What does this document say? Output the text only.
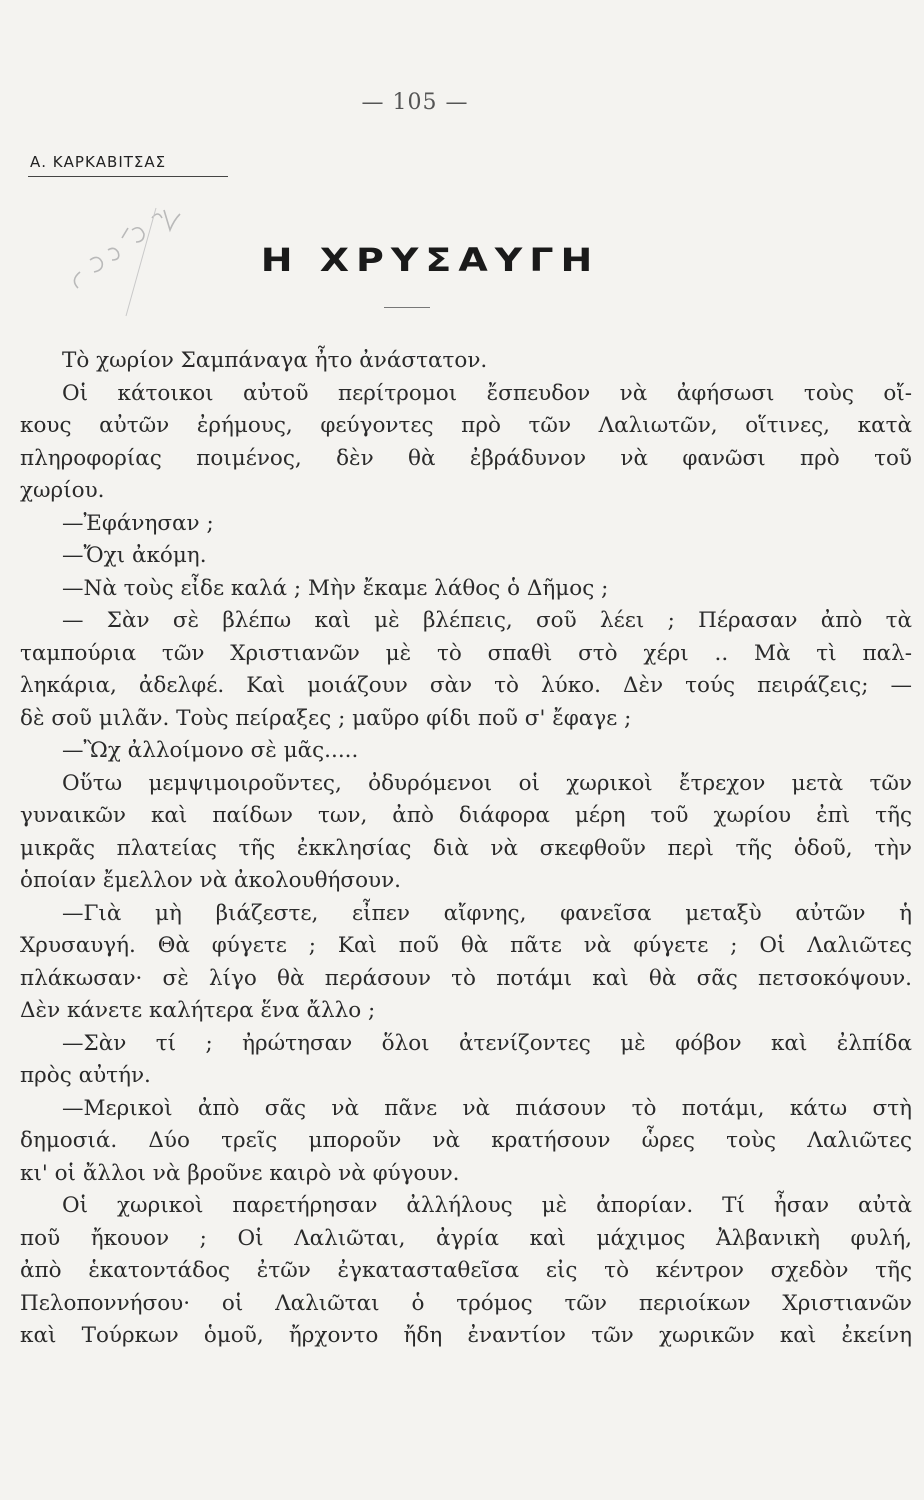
— 105 —
Α. ΚΑΡΚΑΒΙΤΣΑΣ
Η ΧΡΥΣΑΥΓΗ
Τὸ χωρίον Σαμπάναγα ἦτο ἀνάστατον.
Οἱ κάτοικοι αὐτοῦ περίτρομοι ἔσπευδον νὰ ἀφήσωσι τοὺς οἴ-
κους αὐτῶν ἐρήμους, φεύγοντες πρὸ τῶν Λαλιωτῶν, οἵτινες, κατὰ
πληροφορίας ποιμένος, δὲν θὰ ἐβράδυνον νὰ φανῶσι πρὸ τοῦ
χωρίου.
—Ἐφάνησαν ;
—Ὄχι ἀκόμη.
—Νὰ τοὺς εἶδε καλά ; Μὴν ἔκαμε λάθος ὁ Δῆμος ;
— Σὰν σὲ βλέπω καὶ μὲ βλέπεις, σοῦ λέει ; Πέρασαν ἀπὸ τὰ
ταμπούρια τῶν Χριστιανῶν μὲ τὸ σπαθὶ στὸ χέρι .. Μὰ τὶ παλ-
ληκάρια, ἀδελφέ. Καὶ μοιάζουν σὰν τὸ λύκο. Δὲν τούς πειράζεις; —
δὲ σοῦ μιλᾶν. Τοὺς πείραξες ; μαῦρο φίδι ποῦ σ' ἔφαγε ;
—Ὢχ ἀλλοίμονο σὲ μᾶς.....
Οὕτω μεμψιμοιροῦντες, ὀδυρόμενοι οἱ χωρικοὶ ἔτρεχον μετὰ τῶν
γυναικῶν καὶ παίδων των, ἀπὸ διάφορα μέρη τοῦ χωρίου ἐπὶ τῆς
μικρᾶς πλατείας τῆς ἐκκλησίας διὰ νὰ σκεφθοῦν περὶ τῆς ὁδοῦ, τὴν
ὁποίαν ἔμελλον νὰ ἀκολουθήσουν.
—Γιὰ μὴ βιάζεστε, εἶπεν αἴφνης, φανεῖσα μεταξὺ αὐτῶν ἡ
Χρυσαυγή. Θὰ φύγετε ; Καὶ ποῦ θὰ πᾶτε νὰ φύγετε ; Οἱ Λαλιῶτες
πλάκωσαν· σὲ λίγο θὰ περάσουν τὸ ποτάμι καὶ θὰ σᾶς πετσοκόψουν.
Δὲν κάνετε καλήτερα ἕνα ἄλλο ;
—Σὰν τί ; ἠρώτησαν ὅλοι ἀτενίζοντες μὲ φόβον καὶ ἐλπίδα
πρὸς αὐτήν.
—Μερικοὶ ἀπὸ σᾶς νὰ πᾶνε νὰ πιάσουν τὸ ποτάμι, κάτω στὴ
δημοσιά. Δύο τρεῖς μποροῦν νὰ κρατήσουν ὧρες τοὺς Λαλιῶτες
κι' οἱ ἄλλοι νὰ βροῦνε καιρὸ νὰ φύγουν.
Οἱ χωρικοὶ παρετήρησαν ἀλλήλους μὲ ἀπορίαν. Τί ἦσαν αὐτὰ
ποῦ ἤκουον ; Οἱ Λαλιῶται, ἀγρία καὶ μάχιμος Ἀλβανικὴ φυλή,
ἀπὸ ἑκατοντάδος ἐτῶν ἐγκατασταθεῖσα εἰς τὸ κέντρον σχεδὸν τῆς
Πελοποννήσου· οἱ Λαλιῶται ὁ τρόμος τῶν περιοίκων Χριστιανῶν
καὶ Τούρκων ὁμοῦ, ἤρχοντο ἤδη ἐναντίον τῶν χωρικῶν καὶ ἐκείνη
